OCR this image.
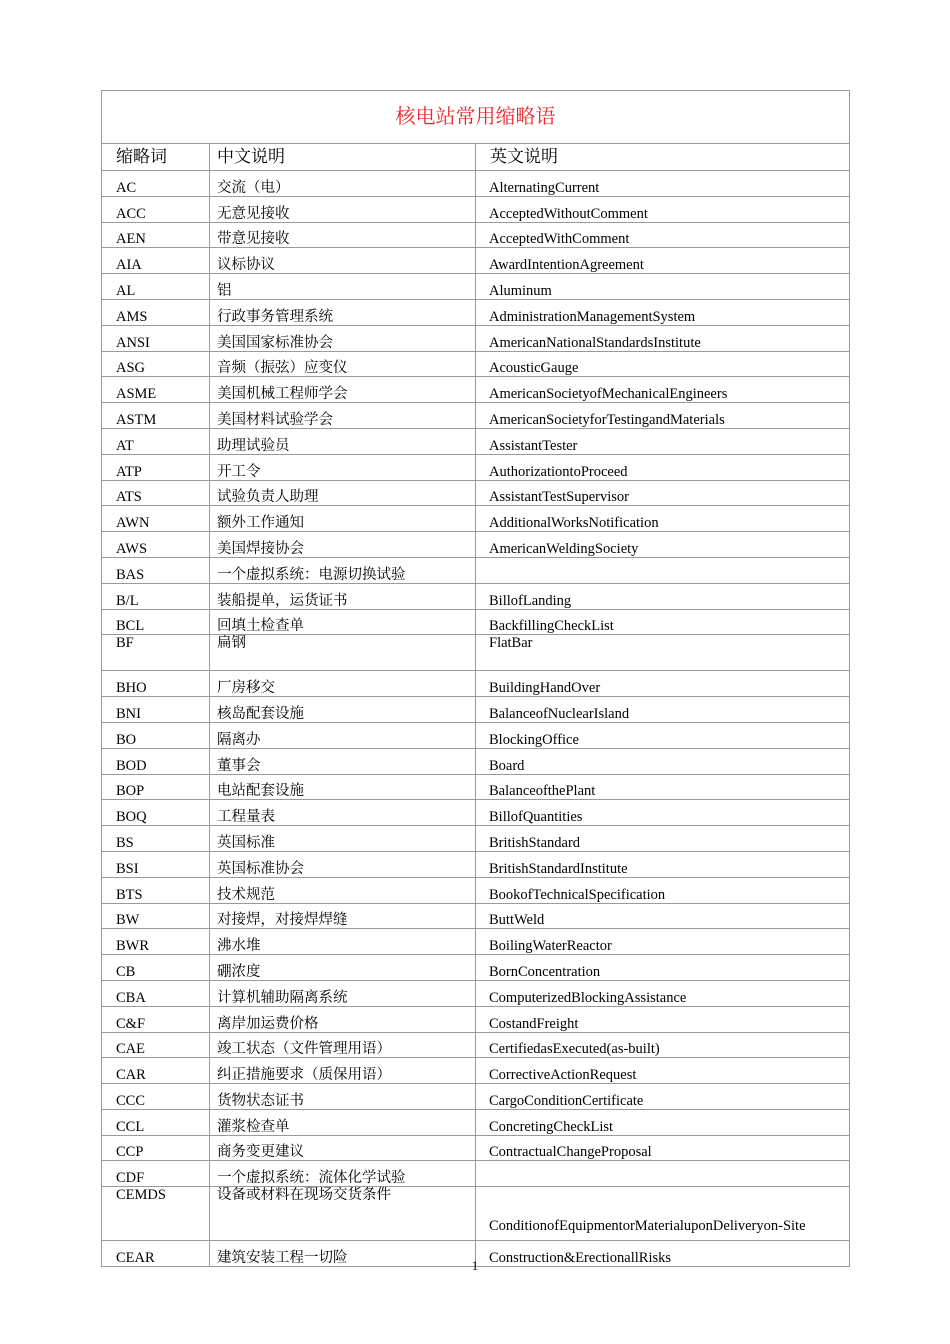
核电站常用缩略语		
缩略词	中文说明	英文说明
AC	交流（电）	AlternatingCurrent
ACC	无意见接收	AcceptedWithoutComment
AEN	带意见接收	AcceptedWithComment
AIA	议标协议	AwardIntentionAgreement
AL	铝	Aluminum
AMS	行政事务管理系统	AdministrationManagementSystem
ANSI	美国国家标准协会	AmericanNationalStandardsInstitute
ASG	音频（振弦）应变仪	AcousticGauge
ASME	美国机械工程师学会	AmericanSocietyofMechanicalEngineers
ASTM	美国材料试验学会	AmericanSocietyforTestingandMaterials
AT	助理试验员	AssistantTester
ATP	开工令	AuthorizationtoProceed
ATS	试验负责人助理	AssistantTestSupervisor
AWN	额外工作通知	AdditionalWorksNotification
AWS	美国焊接协会	AmericanWeldingSociety
BAS	一个虚拟系统：电源切换试验	
B/L	装船提单，运货证书	BillofLanding
BCL	回填土检查单	BackfillingCheckList
BF	扁钢	FlatBar
BHO	厂房移交	BuildingHandOver
BNI	核岛配套设施	BalanceofNuclearIsland
BO	隔离办	BlockingOffice
BOD	董事会	Board
BOP	电站配套设施	BalanceofthePlant
BOQ	工程量表	BillofQuantities
BS	英国标准	BritishStandard
BSI	英国标准协会	BritishStandardInstitute
BTS	技术规范	BookofTechnicalSpecification
BW	对接焊，对接焊焊缝	ButtWeld
BWR	沸水堆	BoilingWaterReactor
CB	硼浓度	BornConcentration
CBA	计算机辅助隔离系统	ComputerizedBlockingAssistance
C&F	离岸加运费价格	CostandFreight
CAE	竣工状态（文件管理用语）	CertifiedasExecuted(as-built)
CAR	纠正措施要求（质保用语）	CorrectiveActionRequest
CCC	货物状态证书	CargoConditionCertificate
CCL	灌浆检查单	ConcretingCheckList
CCP	商务变更建议	ContractualChangeProposal
CDF	一个虚拟系统：流体化学试验	
CEMDS	设备或材料在现场交货条件	ConditionofEquipmentorMaterialuponDeliveryon-Site
CEAR	建筑安装工程一切险	Construction&ErectionallRisks
1
